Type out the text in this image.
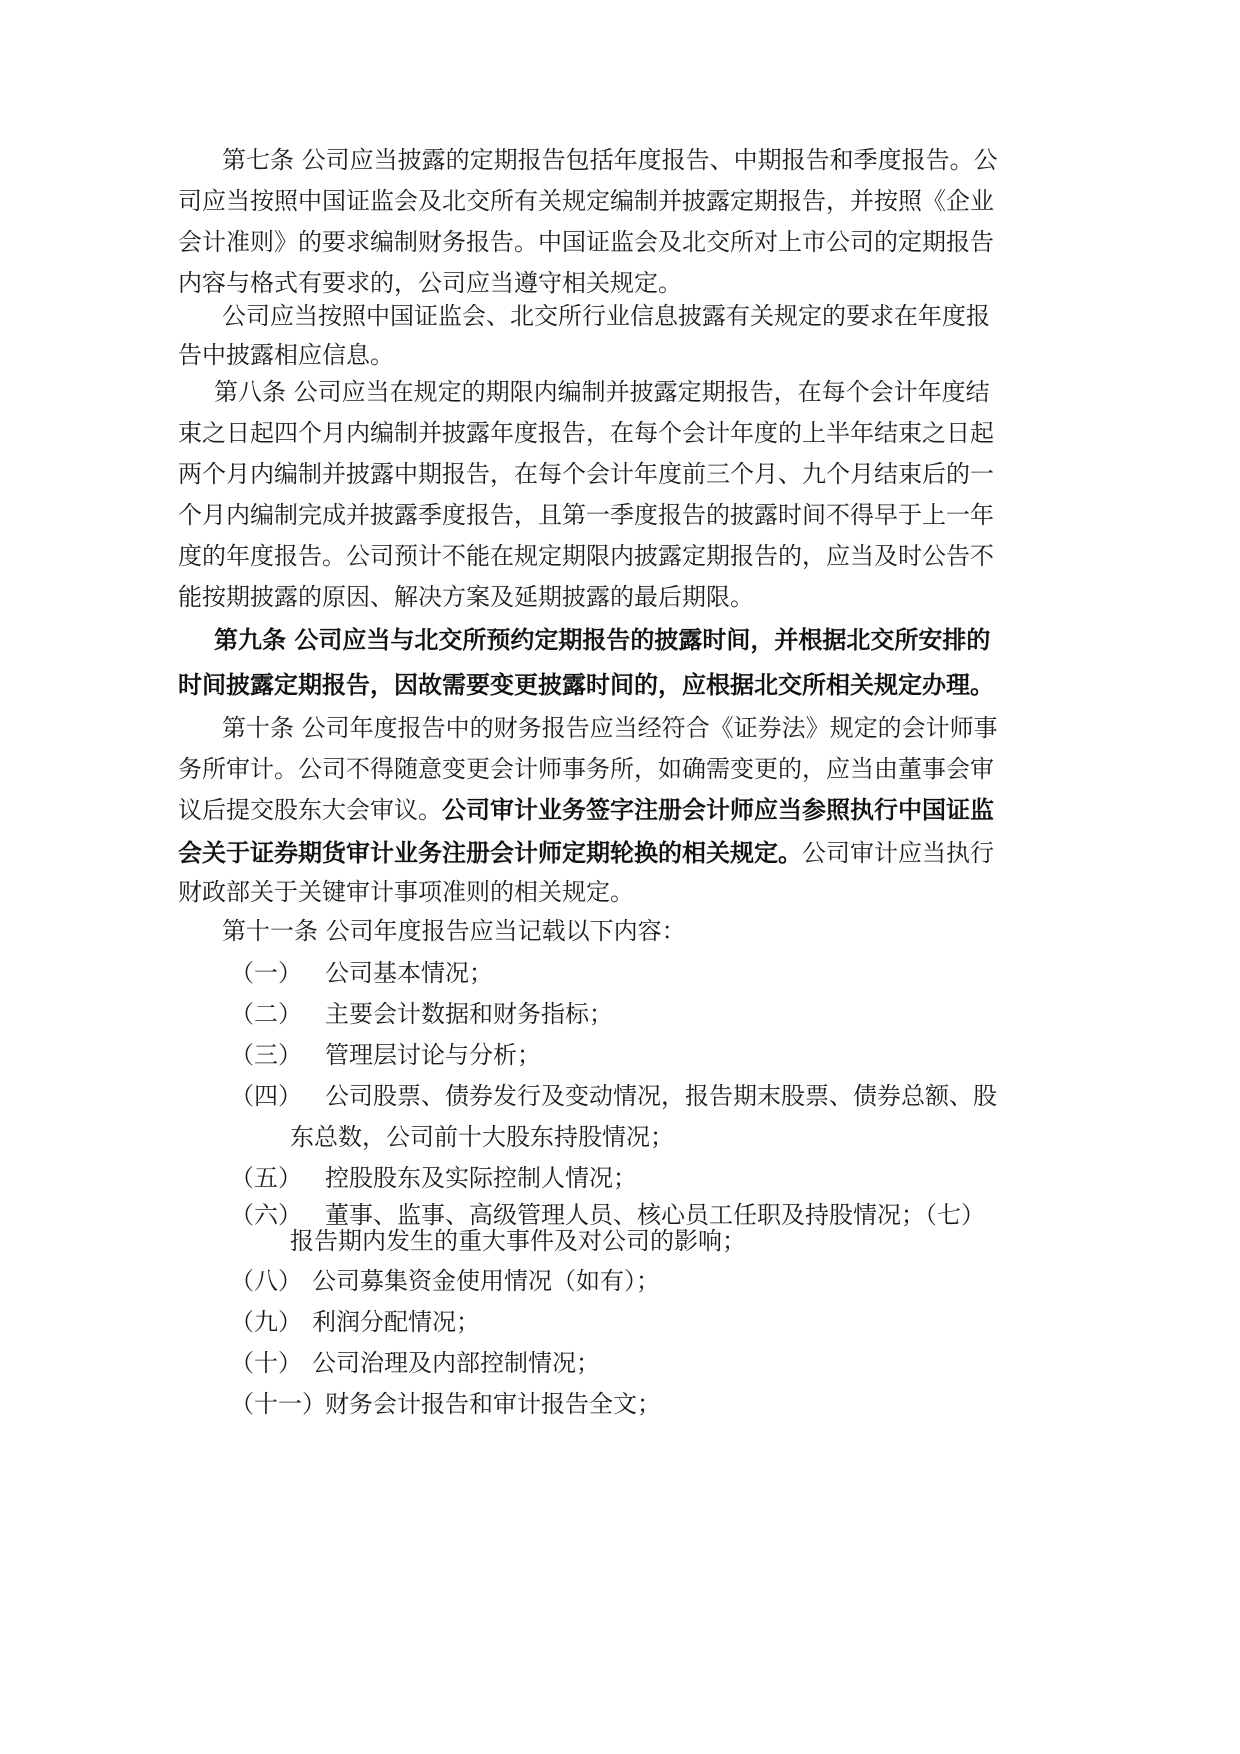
第七条 公司应当披露的定期报告包括年度报告、中期报告和季度报告。公
司应当按照中国证监会及北交所有关规定编制并披露定期报告，并按照《企业
会计准则》的要求编制财务报告。中国证监会及北交所对上市公司的定期报告
内容与格式有要求的，公司应当遵守相关规定。
公司应当按照中国证监会、北交所行业信息披露有关规定的要求在年度报
告中披露相应信息。
第八条 公司应当在规定的期限内编制并披露定期报告，在每个会计年度结
束之日起四个月内编制并披露年度报告，在每个会计年度的上半年结束之日起
两个月内编制并披露中期报告，在每个会计年度前三个月、九个月结束后的一
个月内编制完成并披露季度报告，且第一季度报告的披露时间不得早于上一年
度的年度报告。公司预计不能在规定期限内披露定期报告的，应当及时公告不
能按期披露的原因、解决方案及延期披露的最后期限。
第九条 公司应当与北交所预约定期报告的披露时间，并根据北交所安排的
时间披露定期报告，因故需要变更披露时间的，应根据北交所相关规定办理。
第十条 公司年度报告中的财务报告应当经符合《证券法》规定的会计师事
务所审计。公司不得随意变更会计师事务所，如确需变更的，应当由董事会审
议后提交股东大会审议。公司审计业务签字注册会计师应当参照执行中国证监
会关于证券期货审计业务注册会计师定期轮换的相关规定。公司审计应当执行
财政部关于关键审计事项准则的相关规定。
第十一条 公司年度报告应当记载以下内容：
（一） 公司基本情况；
（二） 主要会计数据和财务指标；
（三） 管理层讨论与分析；
（四） 公司股票、债券发行及变动情况，报告期末股票、债券总额、股
东总数，公司前十大股东持股情况；
（五） 控股股东及实际控制人情况；
（六） 董事、监事、高级管理人员、核心员工任职及持股情况；（七）
报告期内发生的重大事件及对公司的影响；
（八） 公司募集资金使用情况（如有）；
（九） 利润分配情况；
（十） 公司治理及内部控制情况；
（十一）财务会计报告和审计报告全文；
